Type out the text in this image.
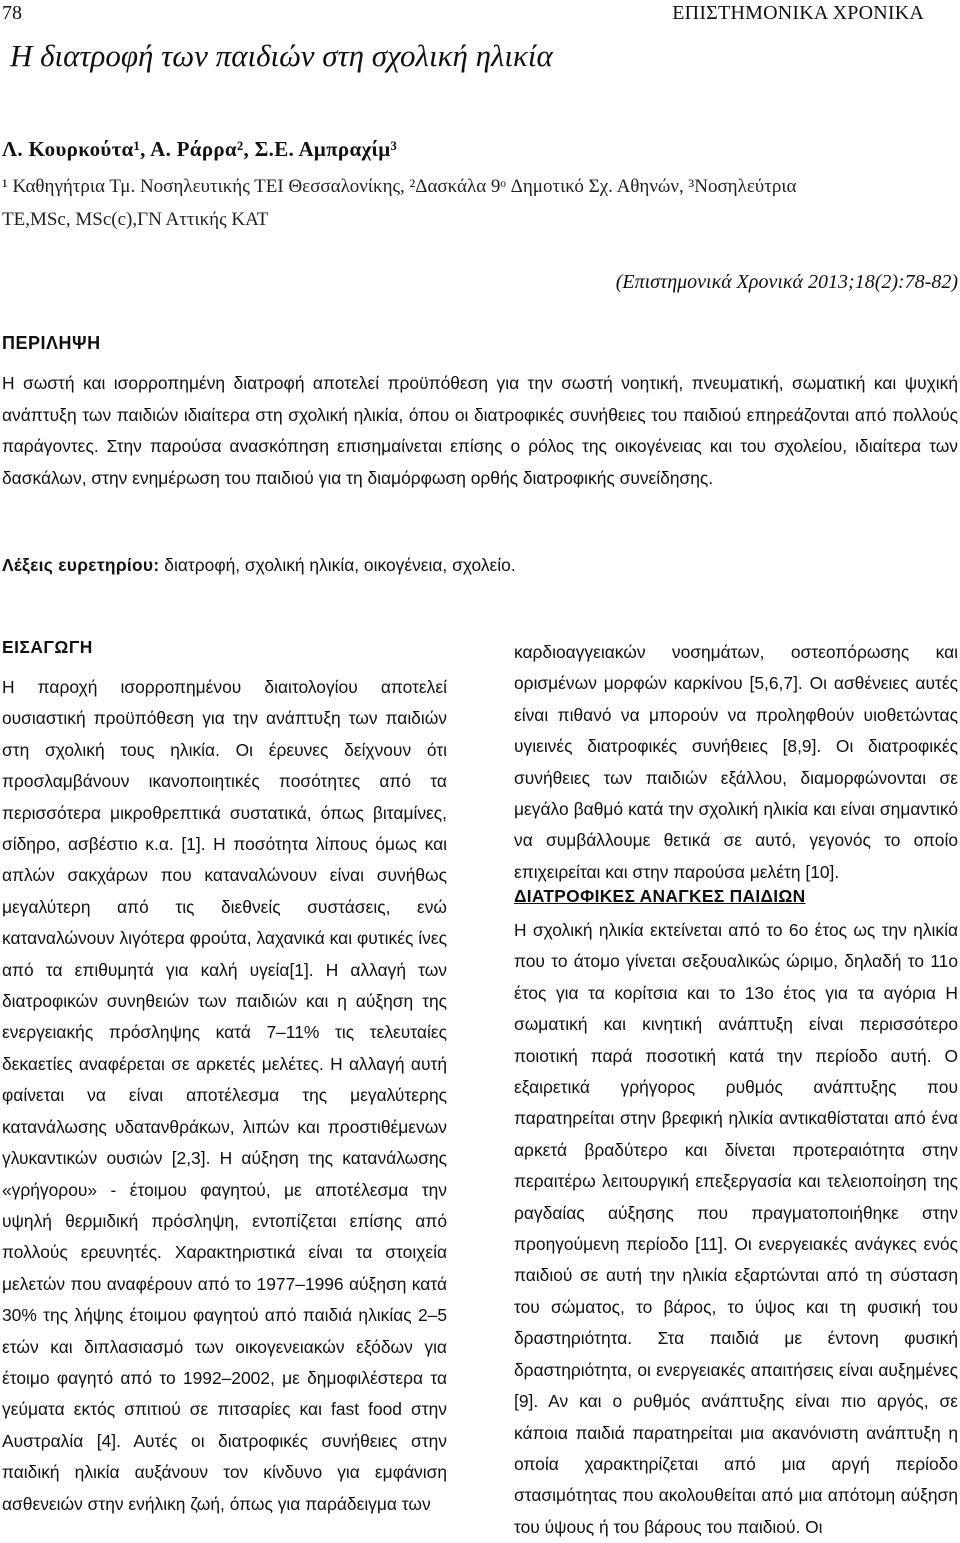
78	ΕΠΙΣΤΗΜΟΝΙΚΑ ΧΡΟΝΙΚΑ
Η διατροφή των παιδιών στη σχολική ηλικία
Λ. Κουρκούτα¹, Α. Ράρρα², Σ.Ε. Αμπραχίμ³
¹ Καθηγήτρια Τμ. Νοσηλευτικής ΤΕΙ Θεσσαλονίκης, ²Δασκάλα 9ᵒ Δημοτικό Σχ. Αθηνών, ³Νοσηλεύτρια
ΤΕ,MSc, MSc(c),ΓΝ Αττικής ΚΑΤ
(Επιστημονικά Χρονικά 2013;18(2):78-82)
ΠΕΡΙΛΗΨΗ

Η σωστή και ισορροπημένη διατροφή αποτελεί προϋπόθεση για την σωστή νοητική, πνευματική, σωματική και ψυχική ανάπτυξη των παιδιών ιδιαίτερα στη σχολική ηλικία, όπου οι διατροφικές συνήθειες του παιδιού επηρεάζονται από πολλούς παράγοντες. Στην παρούσα ανασκόπηση επισημαίνεται επίσης ο ρόλος της οικογένειας και του σχολείου, ιδιαίτερα των δασκάλων, στην ενημέρωση του παιδιού για τη διαμόρφωση ορθής διατροφικής συνείδησης.

Λέξεις ευρετηρίου: διατροφή, σχολική ηλικία, οικογένεια, σχολείο.
ΕΙΣΑΓΩΓΗ

Η παροχή ισορροπημένου διαιτολογίου αποτελεί ουσιαστική προϋπόθεση για την ανάπτυξη των παιδιών στη σχολική τους ηλικία. Οι έρευνες δείχνουν ότι προσλαμβάνουν ικανοποιητικές ποσότητες από τα περισσότερα μικροθρεπτικά συστατικά, όπως βιταμίνες, σίδηρο, ασβέστιο κ.α. [1]. Η ποσότητα λίπους όμως και απλών σακχάρων που καταναλώνουν είναι συνήθως μεγαλύτερη από τις διεθνείς συστάσεις, ενώ καταναλώνουν λιγότερα φρούτα, λαχανικά και φυτικές ίνες από τα επιθυμητά για καλή υγεία[1]. Η αλλαγή των διατροφικών συνηθειών των παιδιών και η αύξηση της ενεργειακής πρόσληψης κατά 7–11% τις τελευταίες δεκαετίες αναφέρεται σε αρκετές μελέτες. Η αλλαγή αυτή φαίνεται να είναι αποτέλεσμα της μεγαλύτερης κατανάλωσης υδατανθράκων, λιπών και προστιθέμενων γλυκαντικών ουσιών [2,3]. Η αύξηση της κατανάλωσης «γρήγορου» - έτοιμου φαγητού, με αποτέλεσμα την υψηλή θερμιδική πρόσληψη, εντοπίζεται επίσης από πολλούς ερευνητές. Χαρακτηριστικά είναι τα στοιχεία μελετών που αναφέρουν από το 1977–1996 αύξηση κατά 30% της λήψης έτοιμου φαγητού από παιδιά ηλικίας 2–5 ετών και διπλασιασμό των οικογενειακών εξόδων για έτοιμο φαγητό από το 1992–2002, με δημοφιλέστερα τα γεύματα εκτός σπιτιού σε πιτσαρίες και fast food στην Αυστραλία [4]. Αυτές οι διατροφικές συνήθειες στην παιδική ηλικία αυξάνουν τον κίνδυνο για εμφάνιση ασθενειών στην ενήλικη ζωή, όπως για παράδειγμα των

καρδιοαγγειακών νοσημάτων, οστεοπόρωσης και ορισμένων μορφών καρκίνου [5,6,7]. Οι ασθένειες αυτές είναι πιθανό να μπορούν να προληφθούν υιοθετώντας υγιεινές διατροφικές συνήθειες [8,9]. Οι διατροφικές συνήθειες των παιδιών εξάλλου, διαμορφώνονται σε μεγάλο βαθμό κατά την σχολική ηλικία και είναι σημαντικό να συμβάλλουμε θετικά σε αυτό, γεγονός το οποίο επιχειρείται και στην παρούσα μελέτη [10].

ΔΙΑΤΡΟΦΙΚΕΣ ΑΝΑΓΚΕΣ ΠΑΙΔΙΩΝ

Η σχολική ηλικία εκτείνεται από το 6ο έτος ως την ηλικία που το άτομο γίνεται σεξουαλικώς ώριμο, δηλαδή το 11ο έτος για τα κορίτσια και το 13ο έτος για τα αγόρια Η σωματική και κινητική ανάπτυξη είναι περισσότερο ποιοτική παρά ποσοτική κατά την περίοδο αυτή. Ο εξαιρετικά γρήγορος ρυθμός ανάπτυξης που παρατηρείται στην βρεφική ηλικία αντικαθίσταται από ένα αρκετά βραδύτερο και δίνεται προτεραιότητα στην περαιτέρω λειτουργική επεξεργασία και τελειοποίηση της ραγδαίας αύξησης που πραγματοποιήθηκε στην προηγούμενη περίοδο [11]. Οι ενεργειακές ανάγκες ενός παιδιού σε αυτή την ηλικία εξαρτώνται από τη σύσταση του σώματος, το βάρος, το ύψος και τη φυσική του δραστηριότητα. Στα παιδιά με έντονη φυσική δραστηριότητα, οι ενεργειακές απαιτήσεις είναι αυξημένες [9]. Αν και ο ρυθμός ανάπτυξης είναι πιο αργός, σε κάποια παιδιά παρατηρείται μια ακανόνιστη ανάπτυξη η οποία χαρακτηρίζεται από μια αργή περίοδο στασιμότητας που ακολουθείται από μια απότομη αύξηση του ύψους ή του βάρους του παιδιού. Οι
